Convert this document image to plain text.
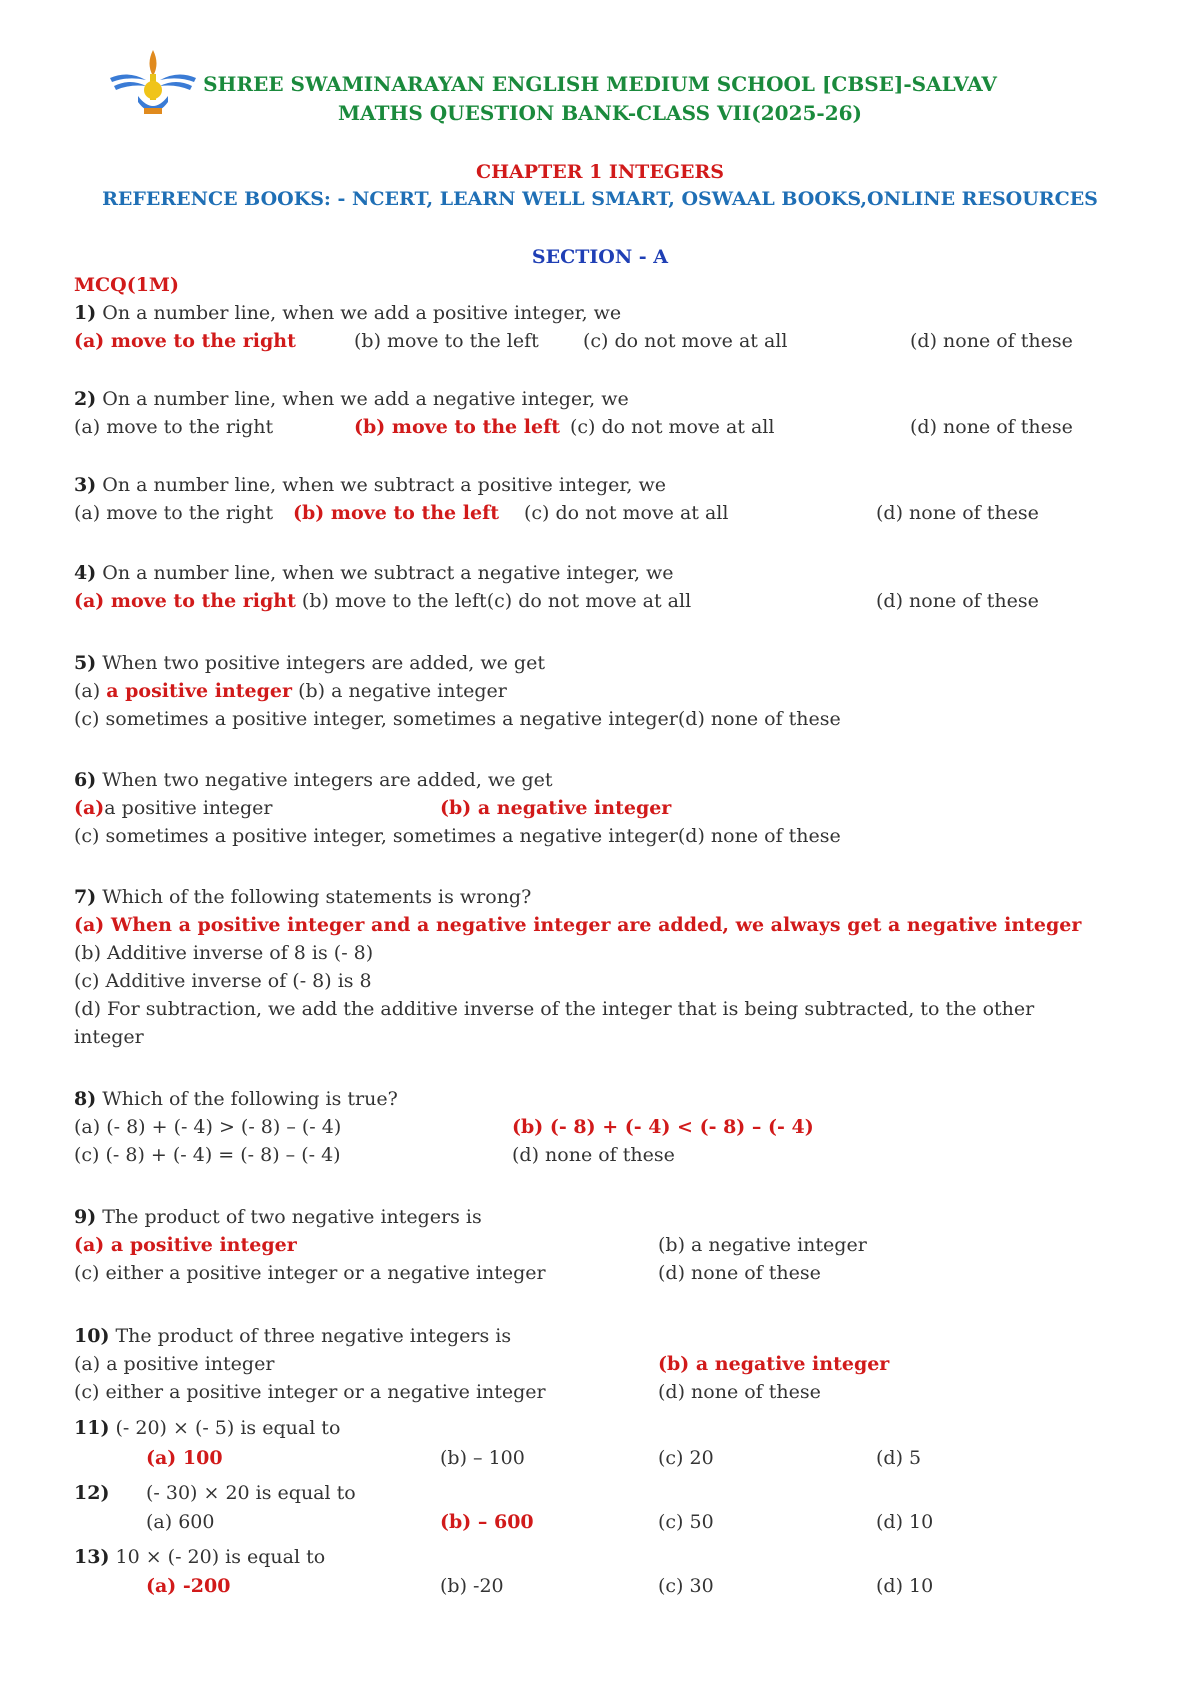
SHREE SWAMINARAYAN ENGLISH MEDIUM SCHOOL [CBSE]-SALVAV
MATHS QUESTION BANK-CLASS VII(2025-26)
CHAPTER 1 INTEGERS
REFERENCE BOOKS: - NCERT, LEARN WELL SMART, OSWAAL BOOKS,ONLINE RESOURCES
SECTION - A
MCQ(1M)
1) On a number line, when we add a positive integer, we
(a) move to the right	(b) move to the left (c) do not move at all	(d) none of these
2) On a number line, when we add a negative integer, we
(a) move to the right	(b) move to the left (c) do not move at all	(d) none of these
3) On a number line, when we subtract a positive integer, we
(a) move to the right (b) move to the left (c) do not move at all	(d) none of these
4) On a number line, when we subtract a negative integer, we
(a) move to the right (b) move to the left(c) do not move at all	(d) none of these
5) When two positive integers are added, we get
(a) a positive integer (b) a negative integer
(c) sometimes a positive integer, sometimes a negative integer(d) none of these
6) When two negative integers are added, we get
(a)a positive integer	(b) a negative integer
(c) sometimes a positive integer, sometimes a negative integer(d) none of these
7) Which of the following statements is wrong?
(a) When a positive integer and a negative integer are added, we always get a negative integer
(b) Additive inverse of 8 is (- 8)
(c) Additive inverse of (- 8) is 8
(d) For subtraction, we add the additive inverse of the integer that is being subtracted, to the other
integer
8) Which of the following is true?
(a) (- 8) + (- 4) > (- 8) – (- 4)	(b) (- 8) + (- 4) < (- 8) – (- 4)
(c) (- 8) + (- 4) = (- 8) – (- 4)	(d) none of these
9) The product of two negative integers is
(a) a positive integer	(b) a negative integer
(c) either a positive integer or a negative integer	(d) none of these
10) The product of three negative integers is
(a) a positive integer	(b) a negative integer
(c) either a positive integer or a negative integer	(d) none of these
11) (- 20) × (- 5) is equal to
(a) 100	(b) – 100	(c) 20	(d) 5
12) (- 30) × 20 is equal to
(a) 600	(b) – 600	(c) 50	(d) 10
13) 10 × (- 20) is equal to
(a) -200	(b) -20	(c) 30	(d) 10
